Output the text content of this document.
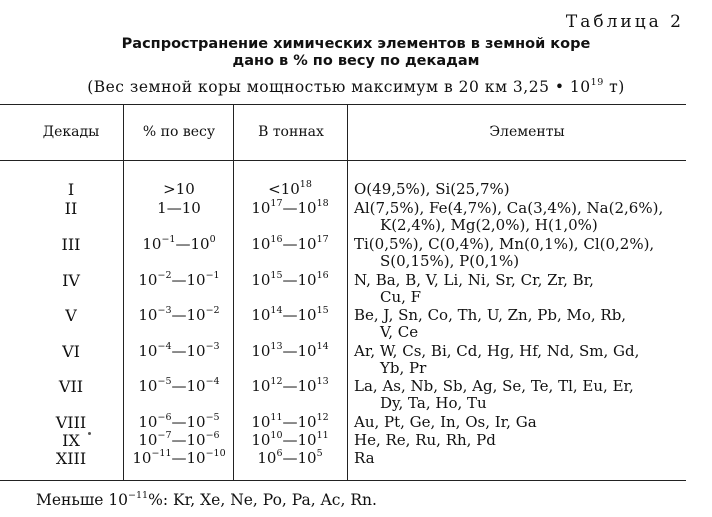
Таблица 2
Распространение химических элементов в земной коре
дано в % по весу по декадам
(Вес земной коры мощностью максимум в 20 км 3,25 • $10^{19}$ т)
Декады	% по весу	В тоннах	Элементы
I	>10	$<10^{18}$	O(49,5%), Si(25,7%)
II	1—10	$10^{17}—10^{18}$	Al(7,5%), Fe(4,7%), Ca(3,4%), Na(2,6%),
K(2,4%), Mg(2,0%), H(1,0%)
III	$10^{-1}—10^0$	$10^{16}—10^{17}$	Ti(0,5%), C(0,4%), Mn(0,1%), Cl(0,2%),
S(0,15%), P(0,1%)
IV	$10^{-2}—10^{-1}$	$10^{15}—10^{16}$	N, Ba, B, V, Li, Ni, Sr, Cr, Zr, Br,
Cu, F
V	$10^{-3}—10^{-2}$	$10^{14}—10^{15}$	Be, J, Sn, Co, Th, U, Zn, Pb, Mo, Rb,
V, Ce
VI	$10^{-4}—10^{-3}$	$10^{13}—10^{14}$	Ar, W, Cs, Bi, Cd, Hg, Hf, Nd, Sm, Gd,
Yb, Pr
VII	$10^{-5}—10^{-4}$	$10^{12}—10^{13}$	La, As, Nb, Sb, Ag, Se, Te, Tl, Eu, Er,
Dy, Ta, Ho, Tu
VIII	$10^{-6}—10^{-5}$	$10^{11}—10^{12}$	Au, Pt, Ge, In, Os, Ir, Ga
IX	$10^{-7}—10^{-6}$	$10^{10}—10^{11}$	He, Re, Ru, Rh, Pd
XIII	$10^{-11}—10^{-10}$	$10^6—10^5$	Ra
Меньше $10^{-11}\%$: Kr, Xe, Ne, Po, Pa, Ac, Rn.
